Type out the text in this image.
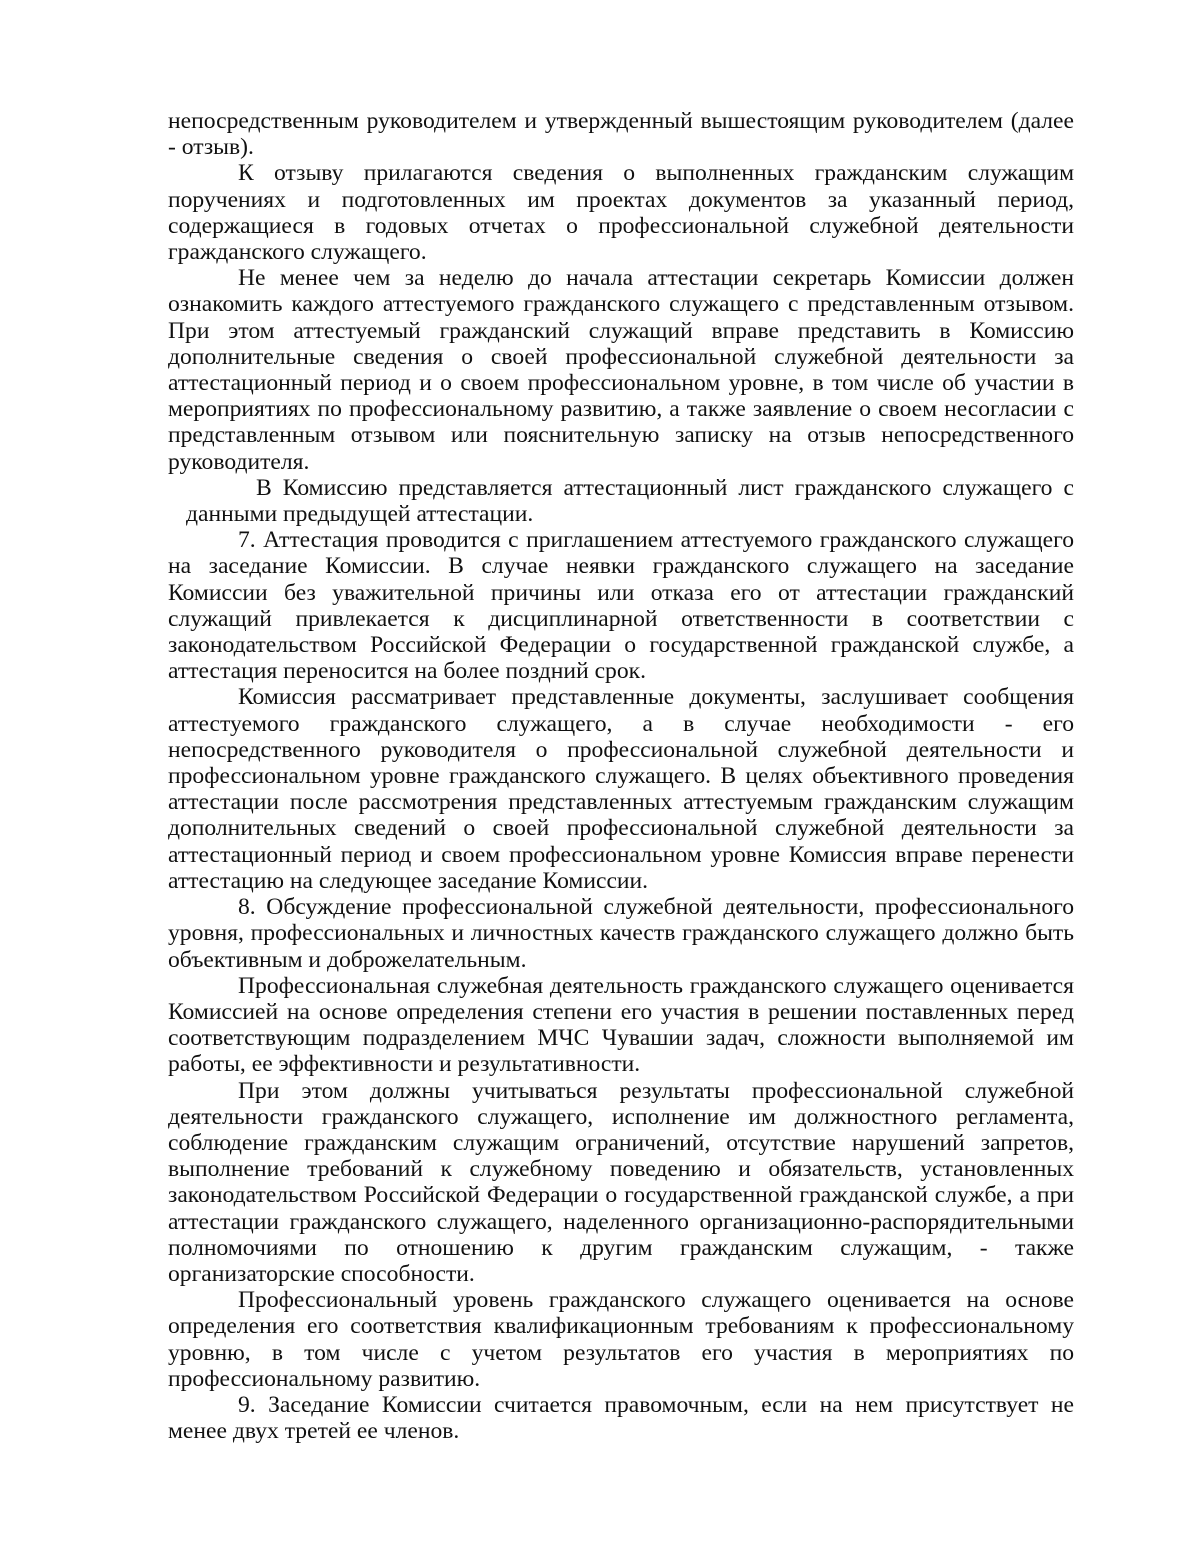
непосредственным руководителем и утвержденный вышестоящим руководителем (далее - отзыв).

К отзыву прилагаются сведения о выполненных гражданским служащим поручениях и подготовленных им проектах документов за указанный период, содержащиеся в годовых отчетах о профессиональной служебной деятельности гражданского служащего.

Не менее чем за неделю до начала аттестации секретарь Комиссии должен ознакомить каждого аттестуемого гражданского служащего с представленным отзывом. При этом аттестуемый гражданский служащий вправе представить в Комиссию дополнительные сведения о своей профессиональной служебной деятельности за аттестационный период и о своем профессиональном уровне, в том числе об участии в мероприятиях по профессиональному развитию, а также заявление о своем несогласии с представленным отзывом или пояснительную записку на отзыв непосредственного руководителя.

В Комиссию представляется аттестационный лист гражданского служащего с данными предыдущей аттестации.

7. Аттестация проводится с приглашением аттестуемого гражданского служащего на заседание Комиссии. В случае неявки гражданского служащего на заседание Комиссии без уважительной причины или отказа его от аттестации гражданский служащий привлекается к дисциплинарной ответственности в соответствии с законодательством Российской Федерации о государственной гражданской службе, а аттестация переносится на более поздний срок.

Комиссия рассматривает представленные документы, заслушивает сообщения аттестуемого гражданского служащего, а в случае необходимости - его непосредственного руководителя о профессиональной служебной деятельности и профессиональном уровне гражданского служащего. В целях объективного проведения аттестации после рассмотрения представленных аттестуемым гражданским служащим дополнительных сведений о своей профессиональной служебной деятельности за аттестационный период и своем профессиональном уровне Комиссия вправе перенести аттестацию на следующее заседание Комиссии.

8. Обсуждение профессиональной служебной деятельности, профессионального уровня, профессиональных и личностных качеств гражданского служащего должно быть объективным и доброжелательным.

Профессиональная служебная деятельность гражданского служащего оценивается Комиссией на основе определения степени его участия в решении поставленных перед соответствующим подразделением МЧС Чувашии задач, сложности выполняемой им работы, ее эффективности и результативности.

При этом должны учитываться результаты профессиональной служебной деятельности гражданского служащего, исполнение им должностного регламента, соблюдение гражданским служащим ограничений, отсутствие нарушений запретов, выполнение требований к служебному поведению и обязательств, установленных законодательством Российской Федерации о государственной гражданской службе, а при аттестации гражданского служащего, наделенного организационно-распорядительными полномочиями по отношению к другим гражданским служащим, - также организаторские способности.

Профессиональный уровень гражданского служащего оценивается на основе определения его соответствия квалификационным требованиям к профессиональному уровню, в том числе с учетом результатов его участия в мероприятиях по профессиональному развитию.

9. Заседание Комиссии считается правомочным, если на нем присутствует не менее двух третей ее членов.
